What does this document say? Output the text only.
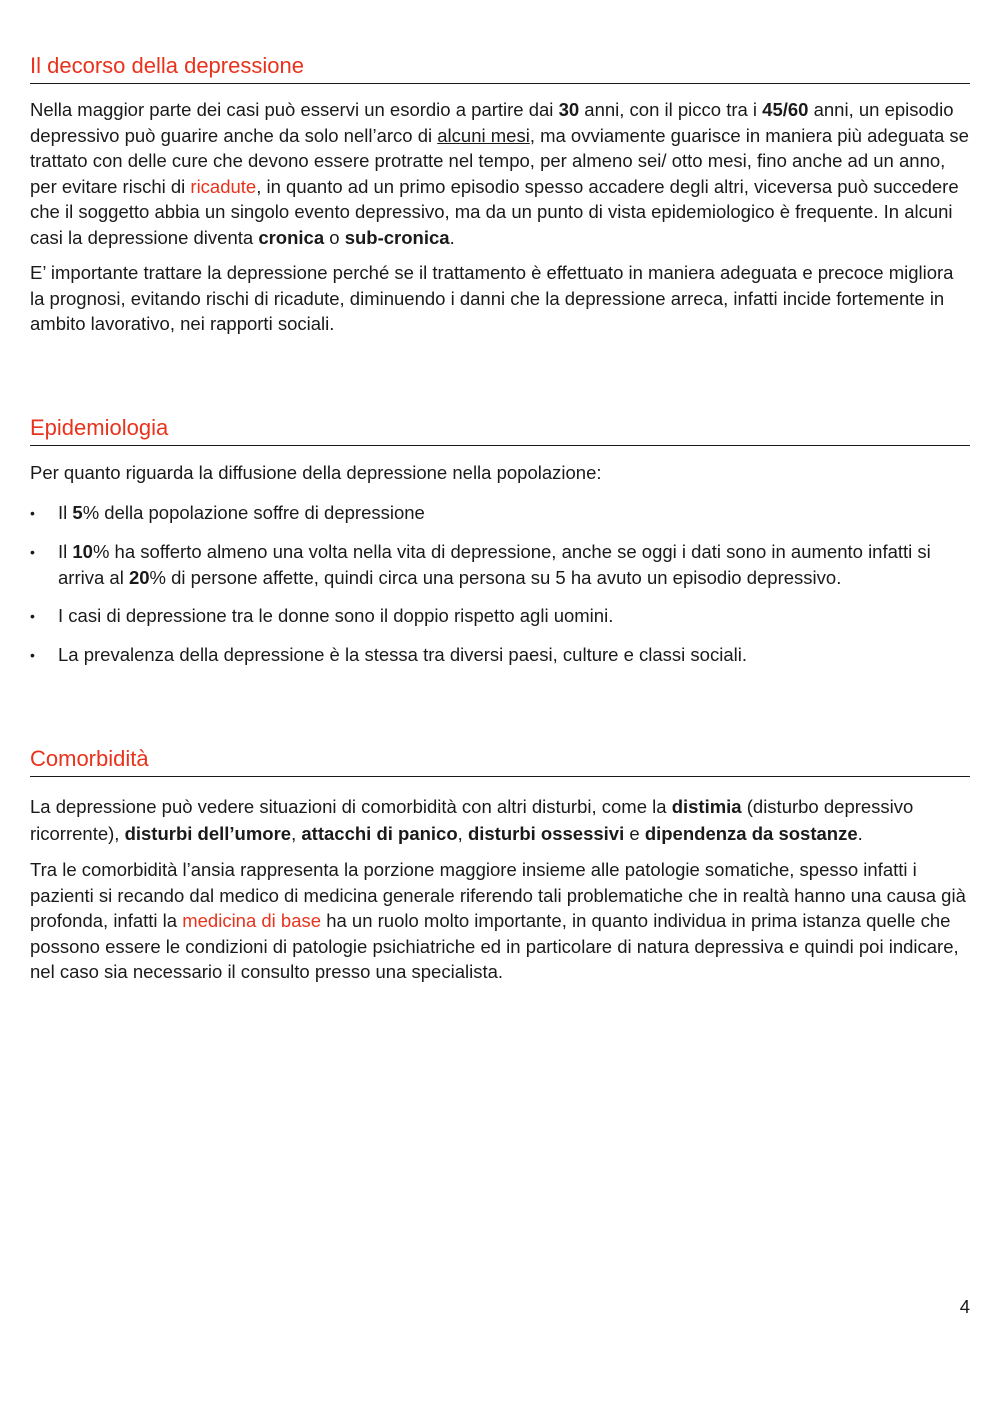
Il decorso della depressione

Nella maggior parte dei casi può esservi un esordio a partire dai 30 anni, con il picco tra i 45/60 anni, un episodio depressivo può guarire anche da solo nell’arco di alcuni mesi, ma ovviamente guarisce in maniera più adeguata se trattato con delle cure che devono essere protratte nel tempo, per almeno sei/ otto mesi, fino anche ad un anno, per evitare rischi di ricadute, in quanto ad un primo episodio spesso accadere degli altri, viceversa può succedere che il soggetto abbia un singolo evento depressivo, ma da un punto di vista epidemiologico è frequente. In alcuni casi la depressione diventa cronica o sub-cronica.

E’ importante trattare la depressione perché se il trattamento è effettuato in maniera adeguata e precoce migliora la prognosi, evitando rischi di ricadute, diminuendo i danni che la depressione arreca, infatti incide fortemente in ambito lavorativo, nei rapporti sociali.

Epidemiologia

Per quanto riguarda la diffusione della depressione nella popolazione:

• Il 5% della popolazione soffre di depressione
• Il 10% ha sofferto almeno una volta nella vita di depressione, anche se oggi i dati sono in aumento infatti si arriva al 20% di persone affette, quindi circa una persona su 5 ha avuto un episodio depressivo.
• I casi di depressione tra le donne sono il doppio rispetto agli uomini.
• La prevalenza della depressione è la stessa tra diversi paesi, culture e classi sociali.
Comorbidità

La depressione può vedere situazioni di comorbidità con altri disturbi, come la distimia (disturbo depressivo ricorrente), disturbi dell’umore, attacchi di panico, disturbi ossessivi e dipendenza da sostanze.

Tra le comorbidità l’ansia rappresenta la porzione maggiore insieme alle patologie somatiche, spesso infatti i pazienti si recando dal medico di medicina generale riferendo tali problematiche che in realtà hanno una causa già profonda, infatti la medicina di base ha un ruolo molto importante, in quanto individua in prima istanza quelle che possono essere le condizioni di patologie psichiatriche ed in particolare di natura depressiva e quindi poi indicare, nel caso sia necessario il consulto presso una specialista.

4
